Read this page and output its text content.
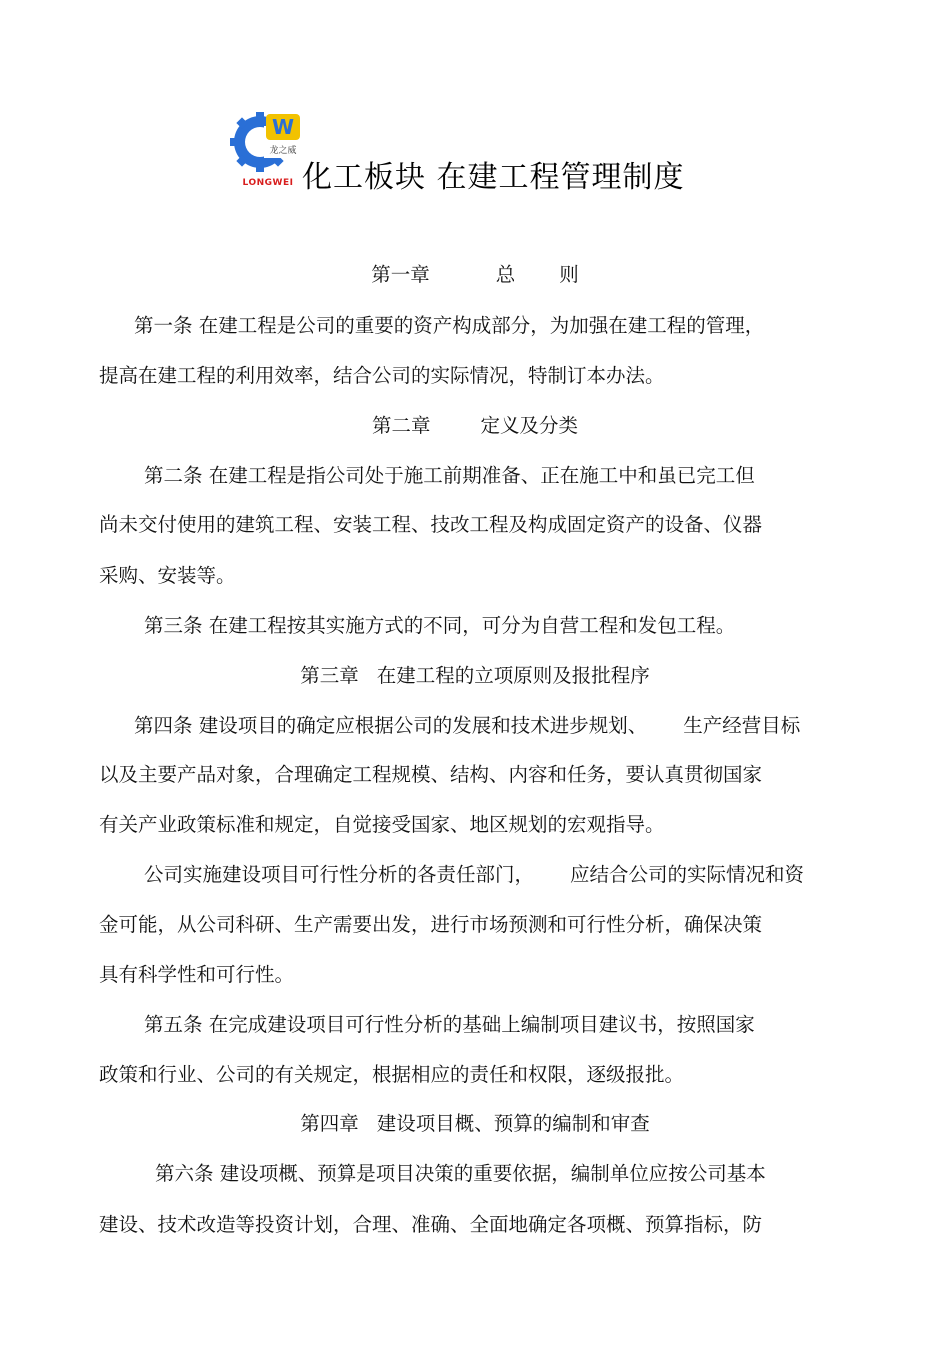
W
龙之威
LONGWEI 化工板块 在建工程管理制度
第一章	总 则
第一条 在建工程是公司的重要的资产构成部分，为加强在建工程的管理，
提高在建工程的利用效率，结合公司的实际情况，特制订本办法。
第二章	定义及分类
第二条 在建工程是指公司处于施工前期准备、正在施工中和虽已完工但
尚未交付使用的建筑工程、安装工程、技改工程及构成固定资产的设备、仪器
采购、安装等。
第三条 在建工程按其实施方式的不同，可分为自营工程和发包工程。
第三章 在建工程的立项原则及报批程序
第四条 建设项目的确定应根据公司的发展和技术进步规划、 生产经营目标
以及主要产品对象，合理确定工程规模、结构、内容和任务，要认真贯彻国家
有关产业政策标准和规定，自觉接受国家、地区规划的宏观指导。
公司实施建设项目可行性分析的各责任部门， 应结合公司的实际情况和资
金可能，从公司科研、生产需要出发，进行市场预测和可行性分析，确保决策
具有科学性和可行性。
第五条 在完成建设项目可行性分析的基础上编制项目建议书，按照国家
政策和行业、公司的有关规定，根据相应的责任和权限，逐级报批。
第四章 建设项目概、预算的编制和审查
第六条 建设项概、预算是项目决策的重要依据，编制单位应按公司基本
建设、技术改造等投资计划，合理、准确、全面地确定各项概、预算指标，防
